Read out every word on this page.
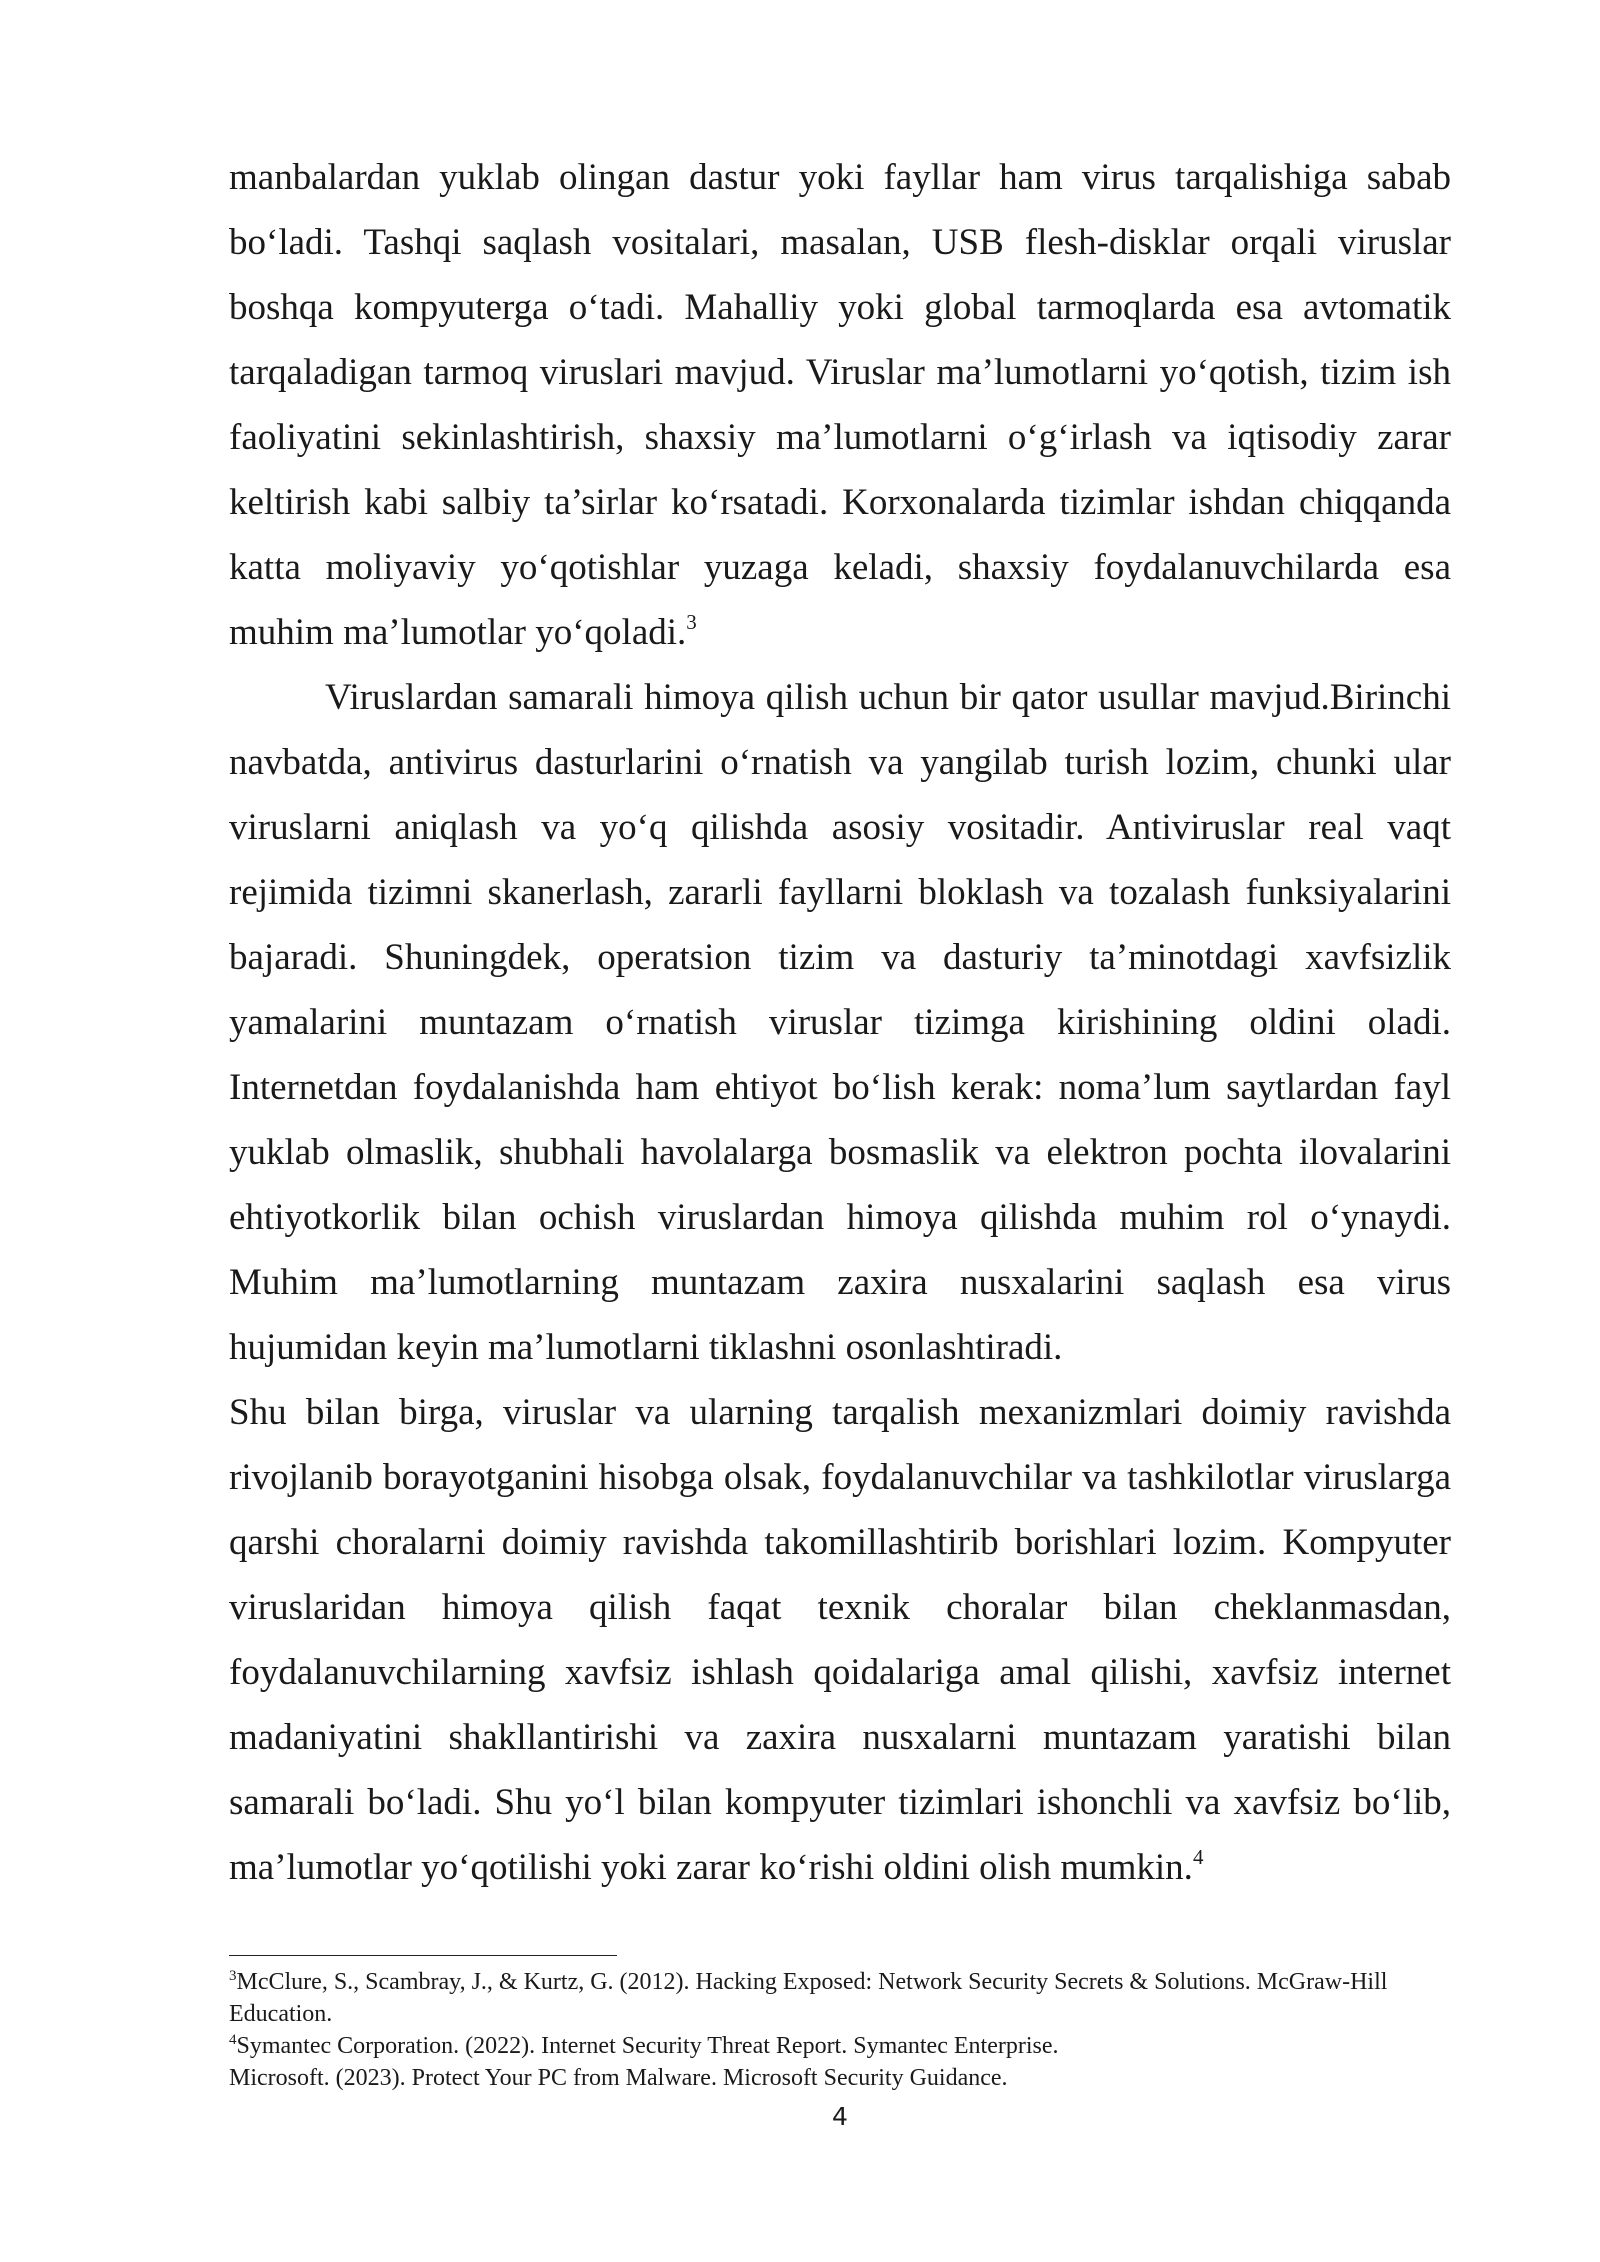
manbalardan yuklab olingan dastur yoki fayllar ham virus tarqalishiga sabab bo‘ladi. Tashqi saqlash vositalari, masalan, USB flesh-disklar orqali viruslar boshqa kompyuterga o‘tadi. Mahalliy yoki global tarmoqlarda esa avtomatik tarqaladigan tarmoq viruslari mavjud. Viruslar ma’lumotlarni yo‘qotish, tizim ish faoliyatini sekinlashtirish, shaxsiy ma’lumotlarni o‘g‘irlash va iqtisodiy zarar keltirish kabi salbiy ta’sirlar ko‘rsatadi. Korxonalarda tizimlar ishdan chiqqanda katta moliyaviy yo‘qotishlar yuzaga keladi, shaxsiy foydalanuvchilarda esa muhim ma’lumotlar yo‘qoladi.$^3$

Viruslardan samarali himoya qilish uchun bir qator usullar mavjud.Birinchi navbatda, antivirus dasturlarini o‘rnatish va yangilab turish lozim, chunki ular viruslarni aniqlash va yo‘q qilishda asosiy vositadir. Antiviruslar real vaqt rejimida tizimni skanerlash, zararli fayllarni bloklash va tozalash funksiyalarini bajaradi. Shuningdek, operatsion tizim va dasturiy ta’minotdagi xavfsizlik yamalarini muntazam o‘rnatish viruslar tizimga kirishining oldini oladi. Internetdan foydalanishda ham ehtiyot bo‘lish kerak: noma’lum saytlardan fayl yuklab olmaslik, shubhali havolalarga bosmaslik va elektron pochta ilovalarini ehtiyotkorlik bilan ochish viruslardan himoya qilishda muhim rol o‘ynaydi. Muhim ma’lumotlarning muntazam zaxira nusxalarini saqlash esa virus hujumidan keyin ma’lumotlarni tiklashni osonlashtiradi.

Shu bilan birga, viruslar va ularning tarqalish mexanizmlari doimiy ravishda rivojlanib borayotganini hisobga olsak, foydalanuvchilar va tashkilotlar viruslarga qarshi choralarni doimiy ravishda takomillashtirib borishlari lozim. Kompyuter viruslaridan himoya qilish faqat texnik choralar bilan cheklanmasdan, foydalanuvchilarning xavfsiz ishlash qoidalariga amal qilishi, xavfsiz internet madaniyatini shakllantirishi va zaxira nusxalarni muntazam yaratishi bilan samarali bo‘ladi. Shu yo‘l bilan kompyuter tizimlari ishonchli va xavfsiz bo‘lib, ma’lumotlar yo‘qotilishi yoki zarar ko‘rishi oldini olish mumkin.$^4$

$^3$McClure, S., Scambray, J., & Kurtz, G. (2012). Hacking Exposed: Network Security Secrets & Solutions. McGraw-Hill Education.

$^4$Symantec Corporation. (2022). Internet Security Threat Report. Symantec Enterprise.

Microsoft. (2023). Protect Your PC from Malware. Microsoft Security Guidance.

4
